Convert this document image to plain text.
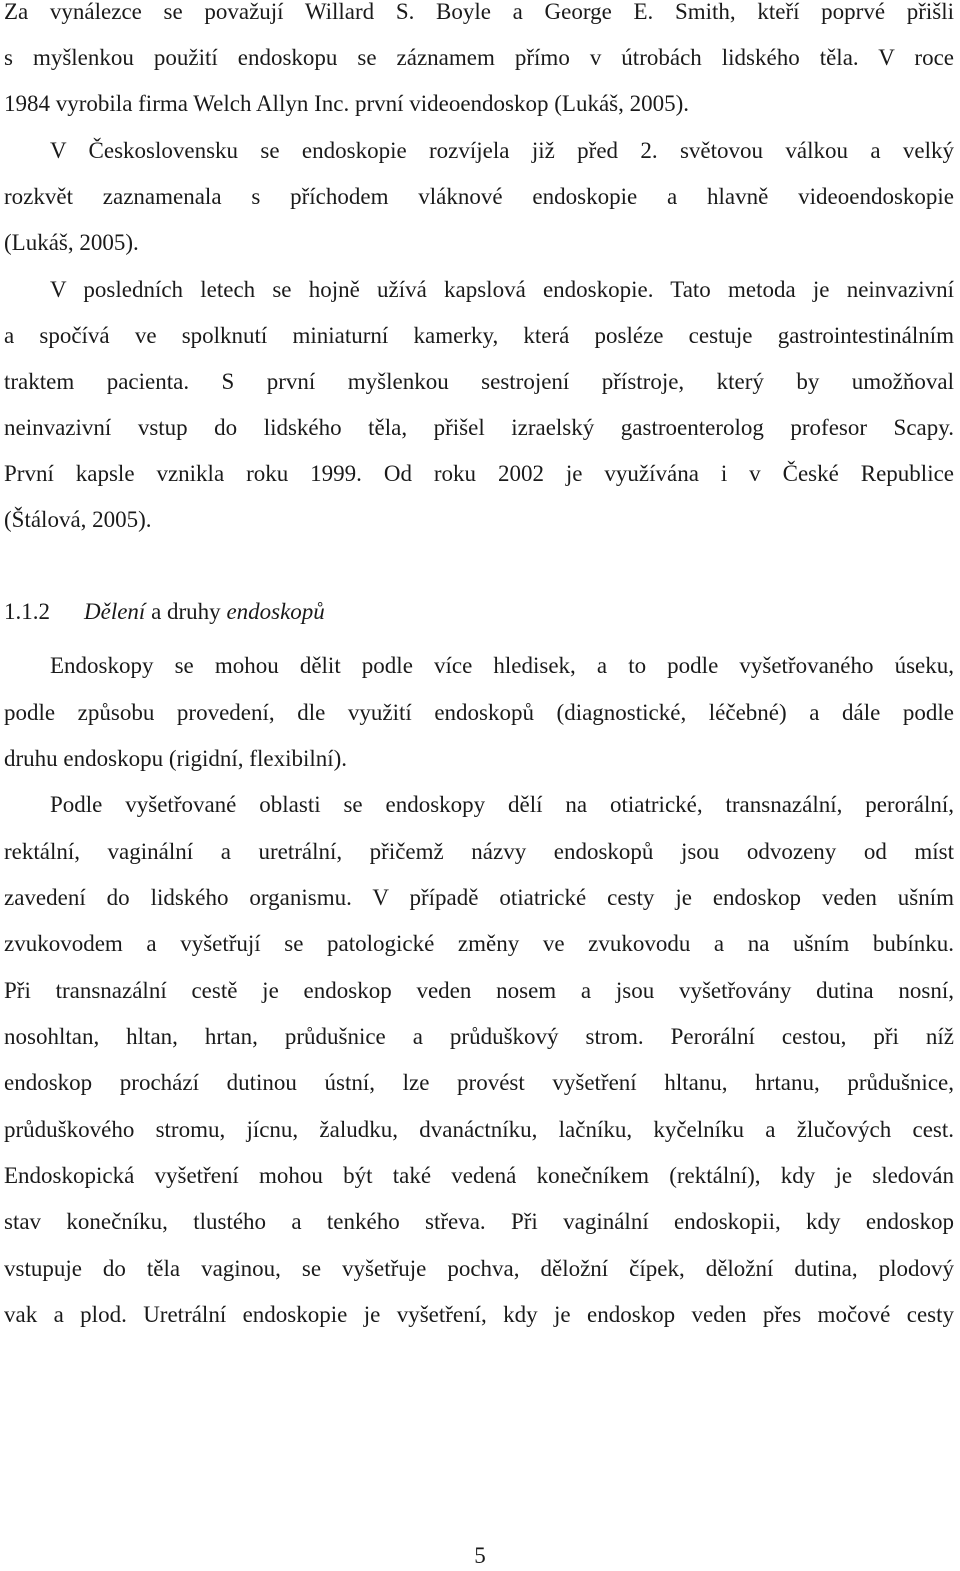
Za vynálezce se považují Willard S. Boyle a George E. Smith, kteří poprvé přišli
s myšlenkou použití endoskopu se záznamem přímo v útrobách lidského těla. V roce
1984 vyrobila firma Welch Allyn Inc. první videoendoskop (Lukáš, 2005).
V Československu se endoskopie rozvíjela již před 2. světovou válkou a velký
rozkvět zaznamenala s příchodem vláknové endoskopie a hlavně videoendoskopie
(Lukáš, 2005).
V posledních letech se hojně užívá kapslová endoskopie. Tato metoda je neinvazivní
a spočívá ve spolknutí miniaturní kamerky, která posléze cestuje gastrointestinálním
traktem pacienta. S první myšlenkou sestrojení přístroje, který by umožňoval
neinvazivní vstup do lidského těla, přišel izraelský gastroenterolog profesor Scapy.
První kapsle vznikla roku 1999. Od roku 2002 je využívána i v České Republice
(Štálová, 2005).
1.1.2 Dělení a druhy endoskopů
Endoskopy se mohou dělit podle více hledisek, a to podle vyšetřovaného úseku,
podle způsobu provedení, dle využití endoskopů (diagnostické, léčebné) a dále podle
druhu endoskopu (rigidní, flexibilní).
Podle vyšetřované oblasti se endoskopy dělí na otiatrické, transnazální, perorální,
rektální, vaginální a uretrální, přičemž názvy endoskopů jsou odvozeny od míst
zavedení do lidského organismu. V případě otiatrické cesty je endoskop veden ušním
zvukovodem a vyšetřují se patologické změny ve zvukovodu a na ušním bubínku.
Při transnazální cestě je endoskop veden nosem a jsou vyšetřovány dutina nosní,
nosohltan, hltan, hrtan, průdušnice a průduškový strom. Perorální cestou, při níž
endoskop prochází dutinou ústní, lze provést vyšetření hltanu, hrtanu, průdušnice,
průduškového stromu, jícnu, žaludku, dvanáctníku, lačníku, kyčelníku a žlučových cest.
Endoskopická vyšetření mohou být také vedená konečníkem (rektální), kdy je sledován
stav konečníku, tlustého a tenkého střeva. Při vaginální endoskopii, kdy endoskop
vstupuje do těla vaginou, se vyšetřuje pochva, děložní čípek, děložní dutina, plodový
vak a plod. Uretrální endoskopie je vyšetření, kdy je endoskop veden přes močové cesty
5
